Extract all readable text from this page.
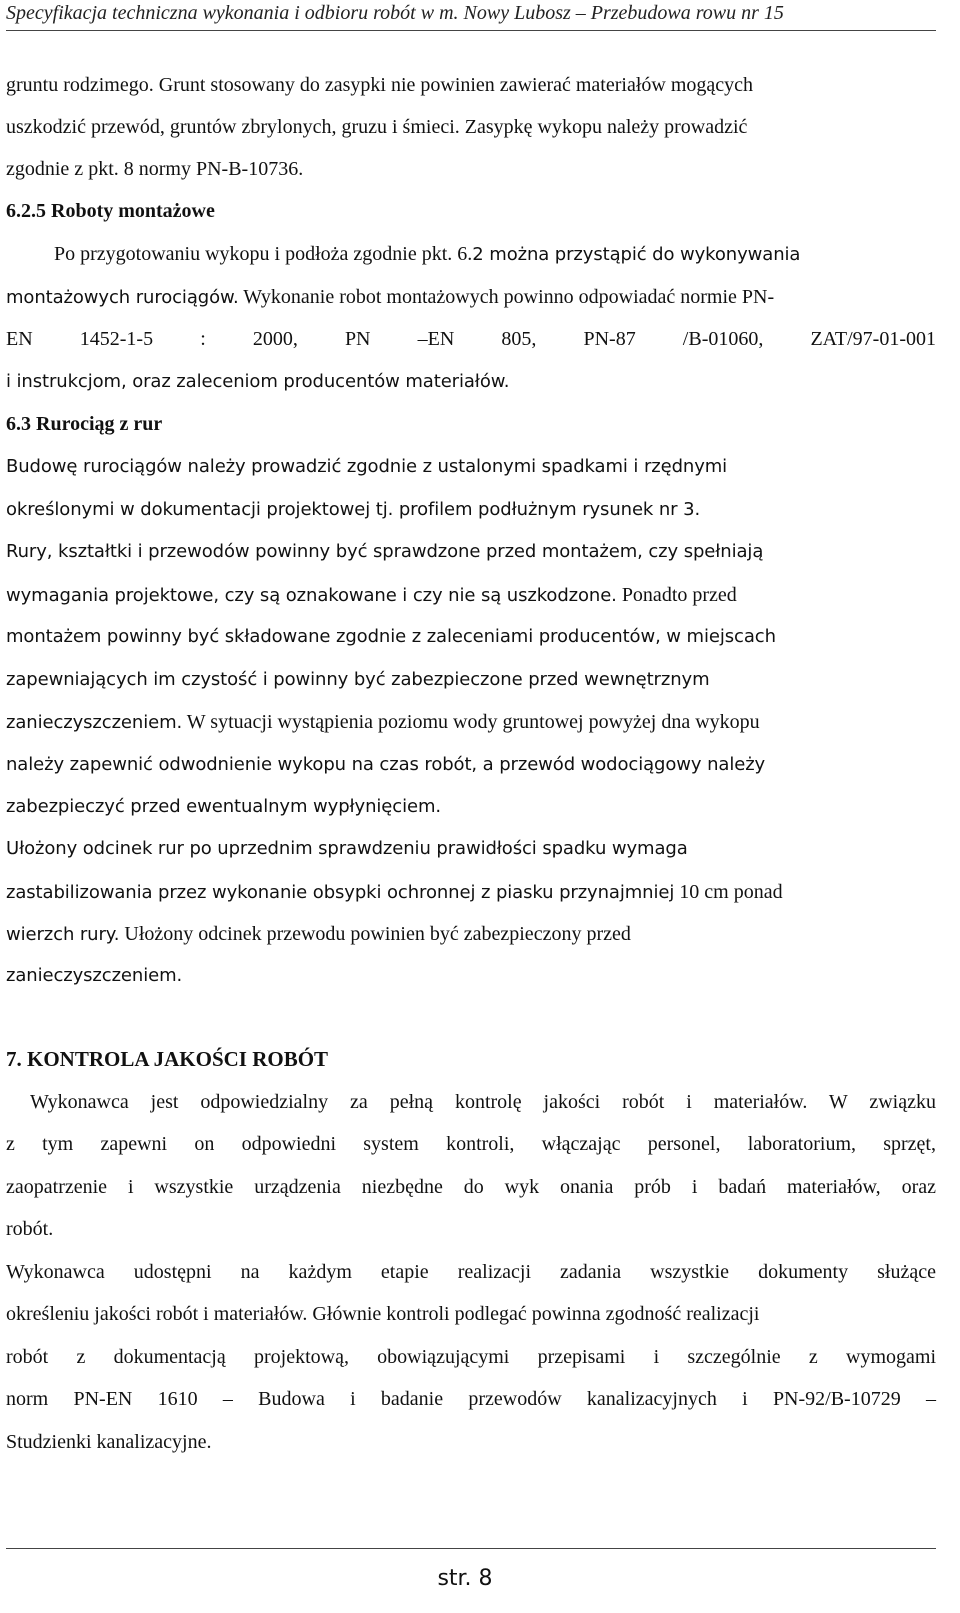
Specyfikacja techniczna wykonania i odbioru robót w m. Nowy Lubosz – Przebudowa rowu nr 15
gruntu rodzimego. Grunt stosowany do zasypki nie powinien zawierać materiałów mogących
uszkodzić przewód, gruntów zbrylonych, gruzu i śmieci. Zasypkę wykopu należy prowadzić
zgodnie z pkt. 8 normy PN-B-10736.
6.2.5 Roboty montażowe
Po przygotowaniu wykopu i podłoża zgodnie pkt. 6.2 można przystąpić do wykonywania
montażowych rurociągów. Wykonanie robot montażowych powinno odpowiadać normie PN-
EN 1452-1-5 : 2000, PN –EN 805, PN-87 /B-01060, ZAT/97-01-001
i instrukcjom, oraz zaleceniom producentów materiałów.
6.3 Rurociąg z rur
Budowę rurociągów należy prowadzić zgodnie z ustalonymi spadkami i rzędnymi
określonymi w dokumentacji projektowej tj. profilem podłużnym rysunek nr 3.
Rury, kształtki i przewodów powinny być sprawdzone przed montażem, czy spełniają
wymagania projektowe, czy są oznakowane i czy nie są uszkodzone. Ponadto przed
montażem powinny być składowane zgodnie z zaleceniami producentów, w miejscach
zapewniających im czystość i powinny być zabezpieczone przed wewnętrznym
zanieczyszczeniem. W sytuacji wystąpienia poziomu wody gruntowej powyżej dna wykopu
należy zapewnić odwodnienie wykopu na czas robót, a przewód wodociągowy należy
zabezpieczyć przed ewentualnym wypłynięciem.
Ułożony odcinek rur po uprzednim sprawdzeniu prawidłości spadku wymaga
zastabilizowania przez wykonanie obsypki ochronnej z piasku przynajmniej 10 cm ponad
wierzch rury. Ułożony odcinek przewodu powinien być zabezpieczony przed
zanieczyszczeniem.
7. KONTROLA JAKOŚCI ROBÓT
Wykonawca jest odpowiedzialny za pełną kontrolę jakości robót i materiałów. W związku
z tym zapewni on odpowiedni system kontroli, włączając personel, laboratorium, sprzęt,
zaopatrzenie i wszystkie urządzenia niezbędne do wyk onania prób i badań materiałów, oraz
robót.
Wykonawca udostępni na każdym etapie realizacji zadania wszystkie dokumenty służące
określeniu jakości robót i materiałów. Głównie kontroli podlegać powinna zgodność realizacji
robót z dokumentacją projektową, obowiązującymi przepisami i szczególnie z wymogami
norm PN-EN 1610 – Budowa i badanie przewodów kanalizacyjnych i PN-92/B-10729 –
Studzienki kanalizacyjne.
str. 8
